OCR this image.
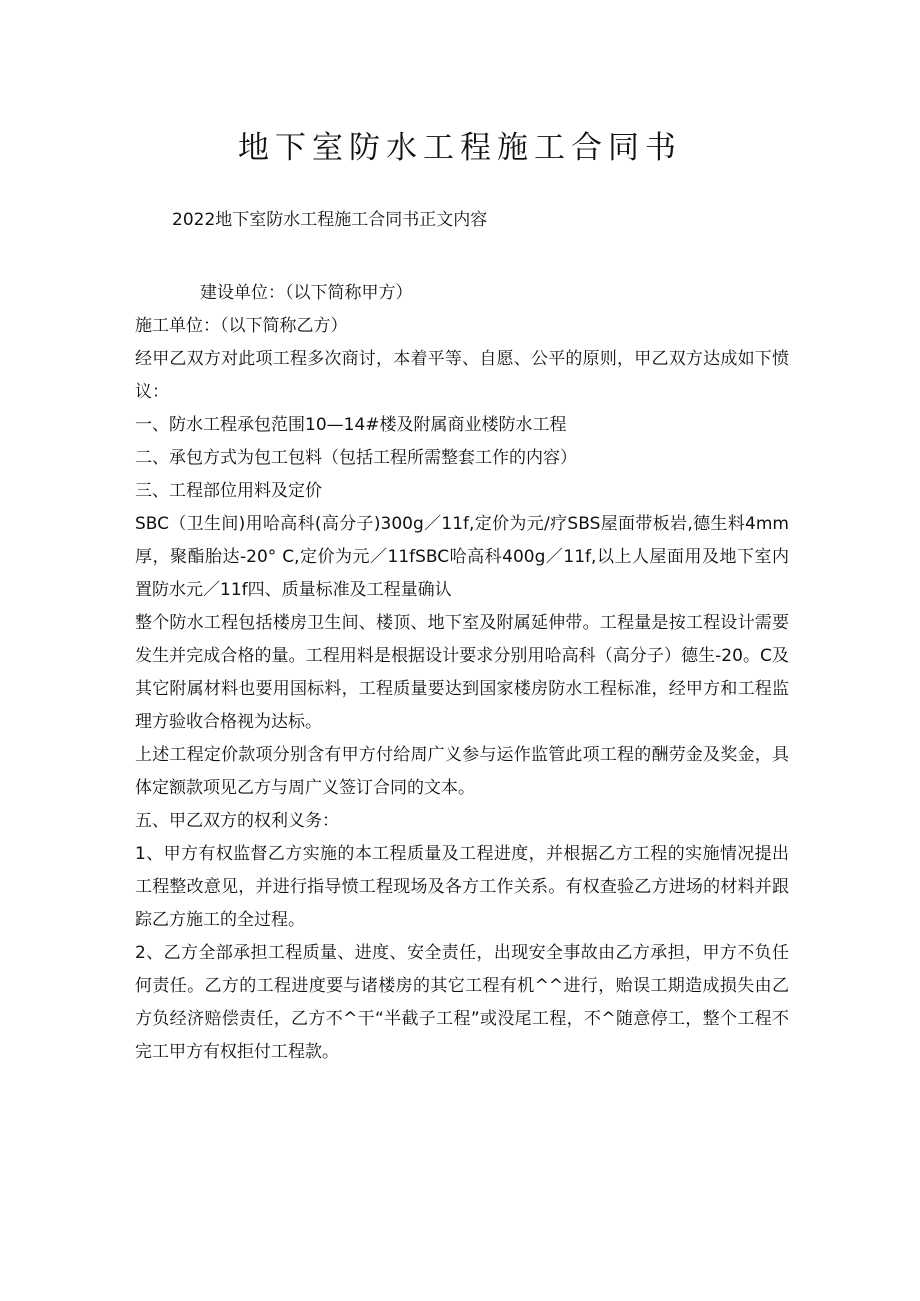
地下室防水工程施工合同书

2022地下室防水工程施工合同书正文内容

建设单位：（以下简称甲方）

施工单位：（以下简称乙方）

经甲乙双方对此项工程多次商讨，本着平等、自愿、公平的原则，甲乙双方达成如下愤议：

一、防水工程承包范围10—14#楼及附属商业楼防水工程

二、承包方式为包工包料（包括工程所需整套工作的内容）

三、工程部位用料及定价

SBC（卫生间)用哈高科(高分子)300g／11f,定价为元/疗SBS屋面带板岩,德生料4mm厚，聚酯胎达-20° C,定价为元／11fSBC哈高科400g／11f,以上人屋面用及地下室内置防水元／11f四、质量标准及工程量确认

整个防水工程包括楼房卫生间、楼顶、地下室及附属延伸带。工程量是按工程设计需要发生并完成合格的量。工程用料是根据设计要求分别用哈高科（高分子）德生-20。C及其它附属材料也要用国标料，工程质量要达到国家楼房防水工程标准，经甲方和工程监理方验收合格视为达标。

上述工程定价款项分别含有甲方付给周广义参与运作监管此项工程的酬劳金及奖金，具体定额款项见乙方与周广义签订合同的文本。

五、甲乙双方的权利义务：

1、甲方有权监督乙方实施的本工程质量及工程进度，并根据乙方工程的实施情况提出工程整改意见，并进行指导愤工程现场及各方工作关系。有权查验乙方进场的材料并跟踪乙方施工的全过程。

2、乙方全部承担工程质量、进度、安全责任，出现安全事故由乙方承担，甲方不负任何责任。乙方的工程进度要与诸楼房的其它工程有机^^进行，贻误工期造成损失由乙方负经济赔偿责任，乙方不^干“半截子工程”或没尾工程，不^随意停工，整个工程不完工甲方有权拒付工程款。
